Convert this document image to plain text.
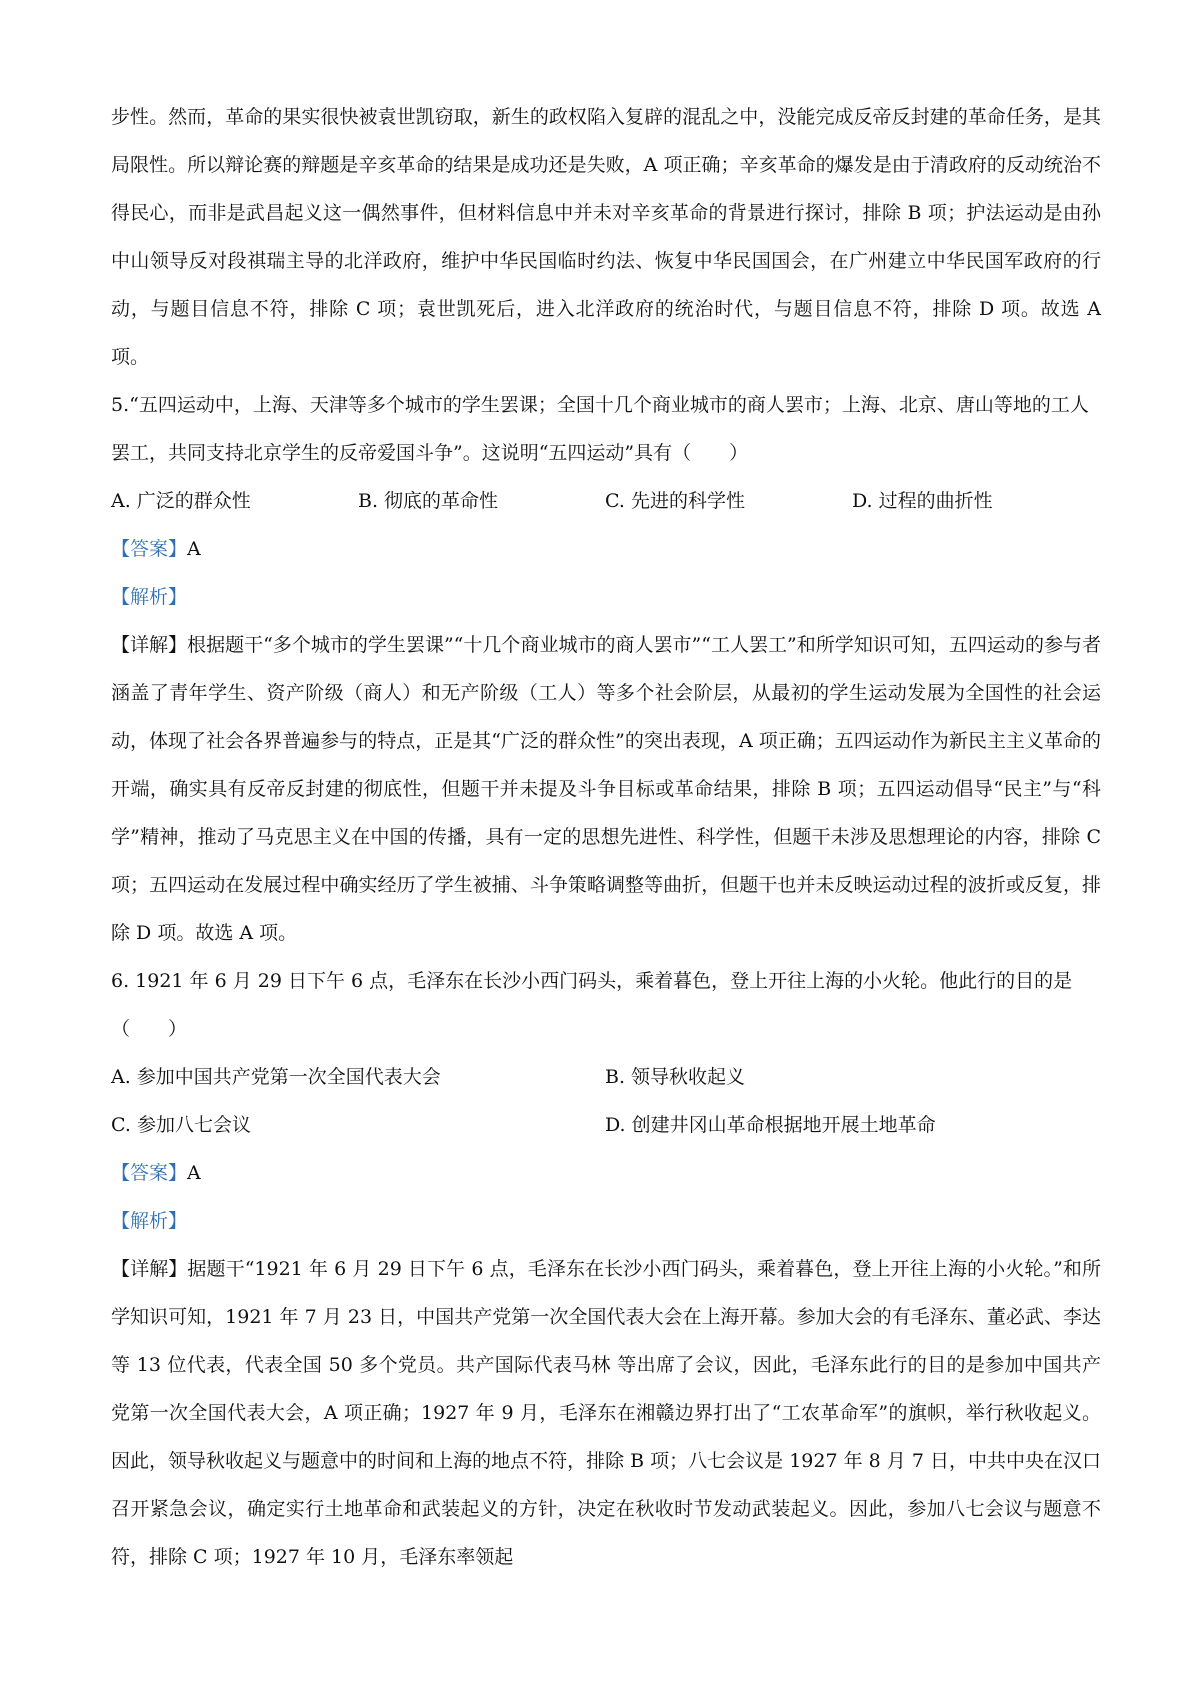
步性。然而，革命的果实很快被袁世凯窃取，新生的政权陷入复辟的混乱之中，没能完成反帝反封建的革命任务，是其局限性。所以辩论赛的辩题是辛亥革命的结果是成功还是失败，A 项正确；辛亥革命的爆发是由于清政府的反动统治不得民心，而非是武昌起义这一偶然事件，但材料信息中并未对辛亥革命的背景进行探讨，排除 B 项；护法运动是由孙中山领导反对段祺瑞主导的北洋政府，维护中华民国临时约法、恢复中华民国国会，在广州建立中华民国军政府的行动，与题目信息不符，排除 C 项；袁世凯死后，进入北洋政府的统治时代，与题目信息不符，排除 D 项。故选 A 项。

5.“五四运动中，上海、天津等多个城市的学生罢课；全国十几个商业城市的商人罢市；上海、北京、唐山等地的工人罢工，共同支持北京学生的反帝爱国斗争”。这说明“五四运动”具有（　　）

A. 广泛的群众性	B. 彻底的革命性	C. 先进的科学性	D. 过程的曲折性

【答案】A

【解析】

【详解】根据题干“多个城市的学生罢课”“十几个商业城市的商人罢市”“工人罢工”和所学知识可知，五四运动的参与者涵盖了青年学生、资产阶级（商人）和无产阶级（工人）等多个社会阶层，从最初的学生运动发展为全国性的社会运动，体现了社会各界普遍参与的特点，正是其“广泛的群众性”的突出表现，A 项正确；五四运动作为新民主主义革命的开端，确实具有反帝反封建的彻底性，但题干并未提及斗争目标或革命结果，排除 B 项；五四运动倡导“民主”与“科学”精神，推动了马克思主义在中国的传播，具有一定的思想先进性、科学性，但题干未涉及思想理论的内容，排除 C 项；五四运动在发展过程中确实经历了学生被捕、斗争策略调整等曲折，但题干也并未反映运动过程的波折或反复，排除 D 项。故选 A 项。

6. 1921 年 6 月 29 日下午 6 点，毛泽东在长沙小西门码头，乘着暮色，登上开往上海的小火轮。他此行的目的是（　　）

A. 参加中国共产党第一次全国代表大会	B. 领导秋收起义
C. 参加八七会议	D. 创建井冈山革命根据地开展土地革命

【答案】A

【解析】

【详解】据题干“1921 年 6 月 29 日下午 6 点，毛泽东在长沙小西门码头，乘着暮色，登上开往上海的小火轮。”和所学知识可知，1921 年 7 月 23 日，中国共产党第一次全国代表大会在上海开幕。参加大会的有毛泽东、董必武、李达等 13 位代表，代表全国 50 多个党员。共产国际代表马林 等出席了会议，因此，毛泽东此行的目的是参加中国共产党第一次全国代表大会，A 项正确；1927 年 9 月，毛泽东在湘赣边界打出了“工农革命军”的旗帜，举行秋收起义。因此，领导秋收起义与题意中的时间和上海的地点不符，排除 B 项；八七会议是 1927 年 8 月 7 日，中共中央在汉口召开紧急会议，确定实行土地革命和武装起义的方针，决定在秋收时节发动武装起义。因此，参加八七会议与题意不符，排除 C 项；1927 年 10 月，毛泽东率领起
